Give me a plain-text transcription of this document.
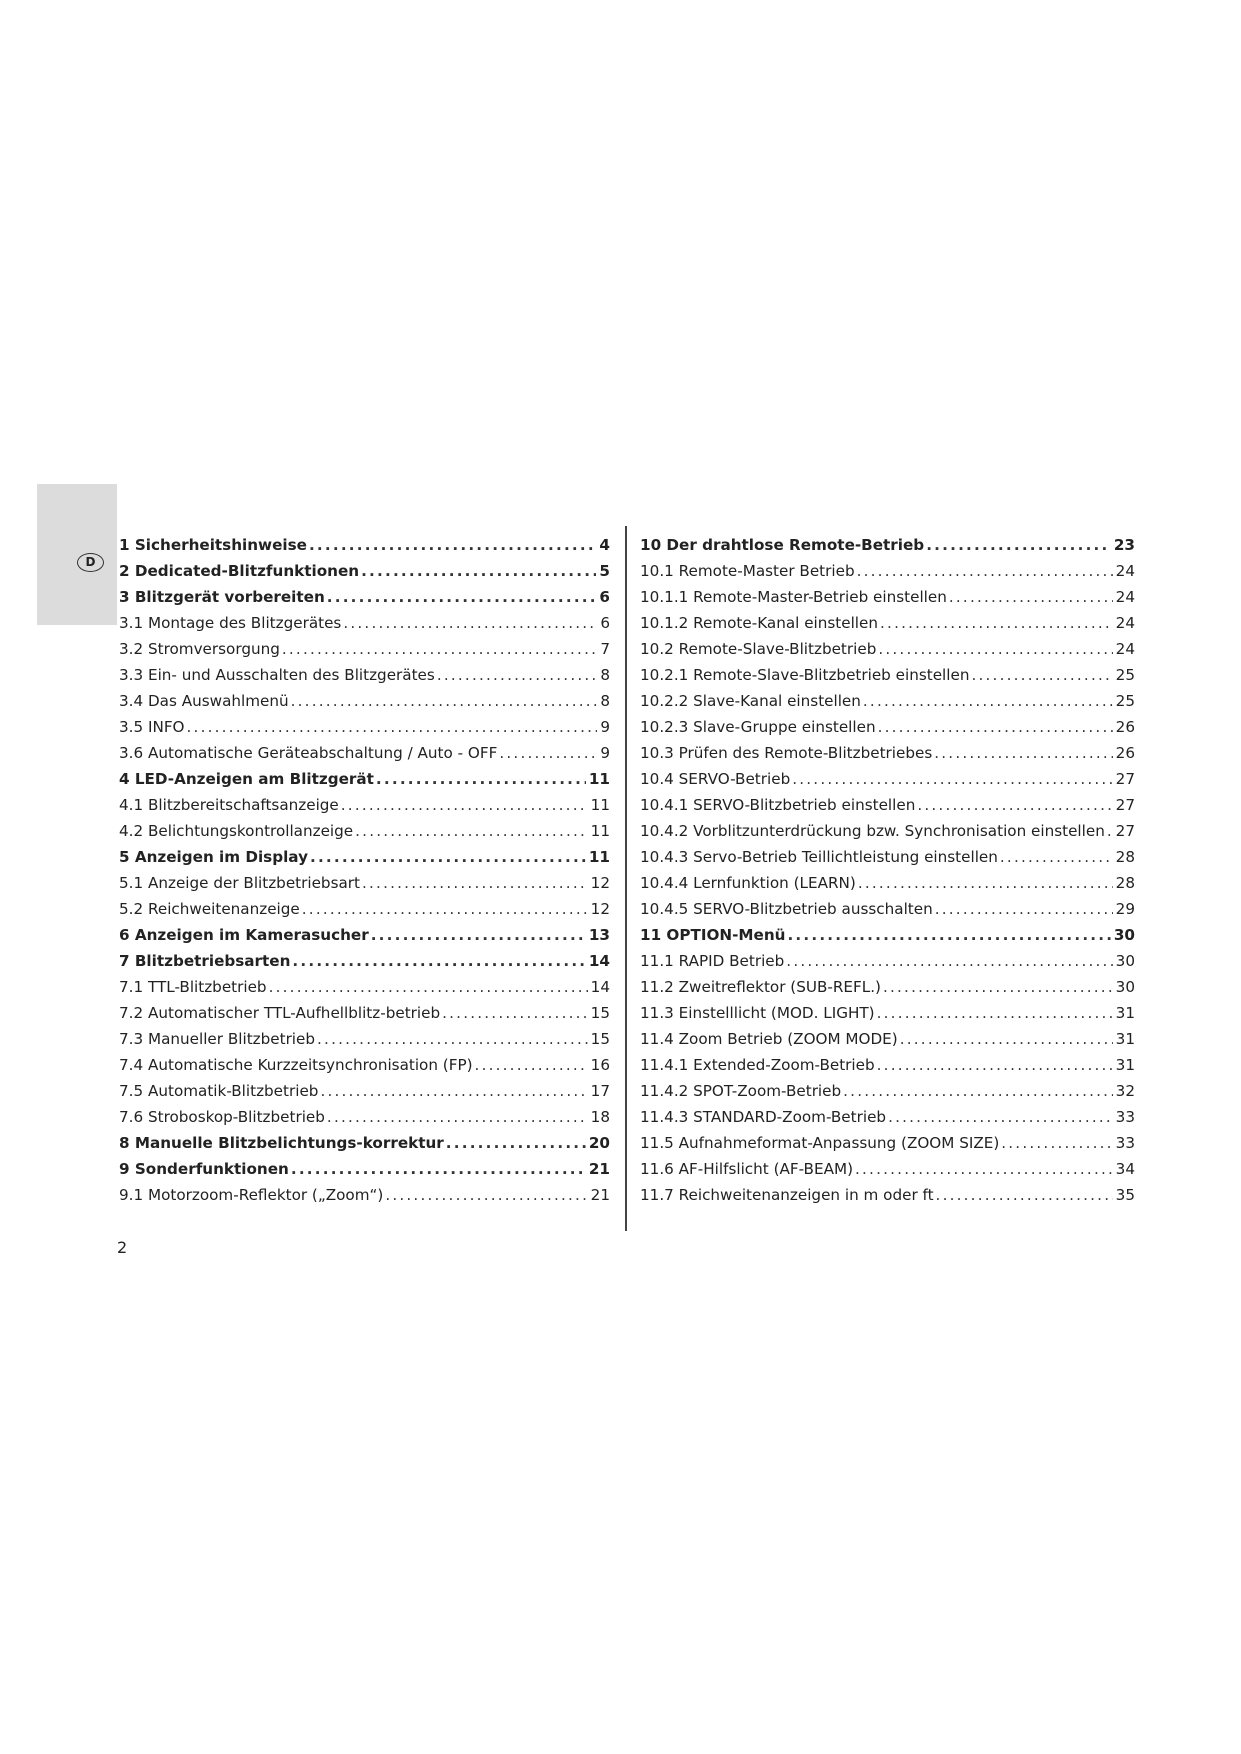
D
1 Sicherheitshinweise .....	4
2 Dedicated-Blitzfunktionen .....	5
3 Blitzgerät vorbereiten .....	6
3.1 Montage des Blitzgerätes .....	6
3.2 Stromversorgung .....	7
3.3 Ein- und Ausschalten des Blitzgerätes .....	8
3.4 Das Auswahlmenü .....	8
3.5 INFO .....	9
3.6 Automatische Geräteabschaltung / Auto - OFF .....	9
4 LED-Anzeigen am Blitzgerät .....	11
4.1 Blitzbereitschaftsanzeige .....	11
4.2 Belichtungskontrollanzeige .....	11
5 Anzeigen im Display .....	11
5.1 Anzeige der Blitzbetriebsart .....	12
5.2 Reichweitenanzeige .....	12
6 Anzeigen im Kamerasucher .....	13
7 Blitzbetriebsarten .....	14
7.1 TTL-Blitzbetrieb .....	14
7.2 Automatischer TTL-Aufhellblitz-betrieb .....	15
7.3 Manueller Blitzbetrieb .....	15
7.4 Automatische Kurzzeitsynchronisation (FP) .....	16
7.5 Automatik-Blitzbetrieb .....	17
7.6 Stroboskop-Blitzbetrieb .....	18
8 Manuelle Blitzbelichtungs-korrektur .....	20
9 Sonderfunktionen .....	21
9.1 Motorzoom-Reflektor („Zoom“) .....	21
10 Der drahtlose Remote-Betrieb .....	23
10.1 Remote-Master Betrieb .....	24
10.1.1 Remote-Master-Betrieb einstellen .....	24
10.1.2 Remote-Kanal einstellen .....	24
10.2 Remote-Slave-Blitzbetrieb .....	24
10.2.1 Remote-Slave-Blitzbetrieb einstellen .....	25
10.2.2 Slave-Kanal einstellen .....	25
10.2.3 Slave-Gruppe einstellen .....	26
10.3 Prüfen des Remote-Blitzbetriebes .....	26
10.4 SERVO-Betrieb .....	27
10.4.1 SERVO-Blitzbetrieb einstellen .....	27
10.4.2 Vorblitzunterdrückung bzw. Synchronisation einstellen ..... 27
10.4.3 Servo-Betrieb Teillichtleistung einstellen .....	28
10.4.4 Lernfunktion (LEARN) .....	28
10.4.5 SERVO-Blitzbetrieb ausschalten .....	29
11 OPTION-Menü .....	30
11.1 RAPID Betrieb .....	30
11.2 Zweitreflektor (SUB-REFL.) .....	30
11.3 Einstelllicht (MOD. LIGHT) .....	31
11.4 Zoom Betrieb (ZOOM MODE) .....	31
11.4.1 Extended-Zoom-Betrieb .....	31
11.4.2 SPOT-Zoom-Betrieb .....	32
11.4.3 STANDARD-Zoom-Betrieb .....	33
11.5 Aufnahmeformat-Anpassung (ZOOM SIZE) .....	33
11.6 AF-Hilfslicht (AF-BEAM) .....	34
11.7 Reichweitenanzeigen in m oder ft .....	35
2
